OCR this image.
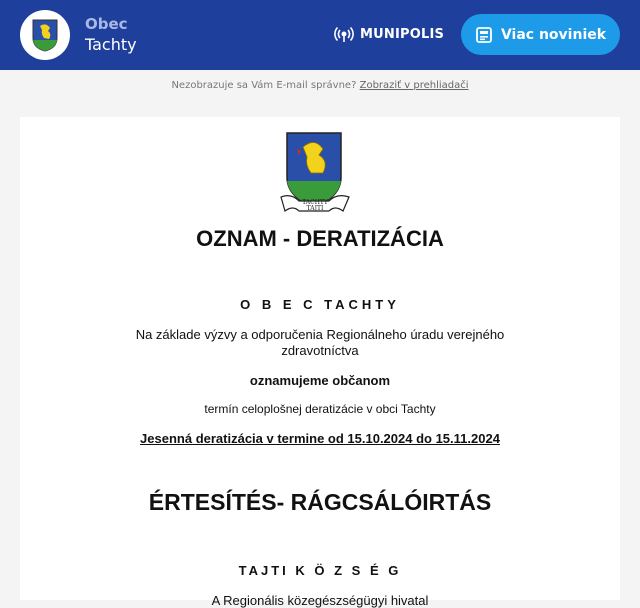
Obec
Tachty
MUNIPOLIS	Viac noviniek
Nezobrazuje sa Vám E-mail správne? Zobraziť v prehliadači
TACHTY TAJTI
OZNAM - DERATIZÁCIA
O B E C TACHTY
Na základe výzvy a odporučenia Regionálneho úradu verejného
zdravotníctva
oznamujeme občanom
termín celoplošnej deratizácie v obci Tachty
Jesenná deratizácia v termine od 15.10.2024 do 15.11.2024
ÉRTESÍTÉS- RÁGCSÁLÓIRTÁS
TAJTI K Ö Z S É G
A Regionális közegészségügyi hivatal
